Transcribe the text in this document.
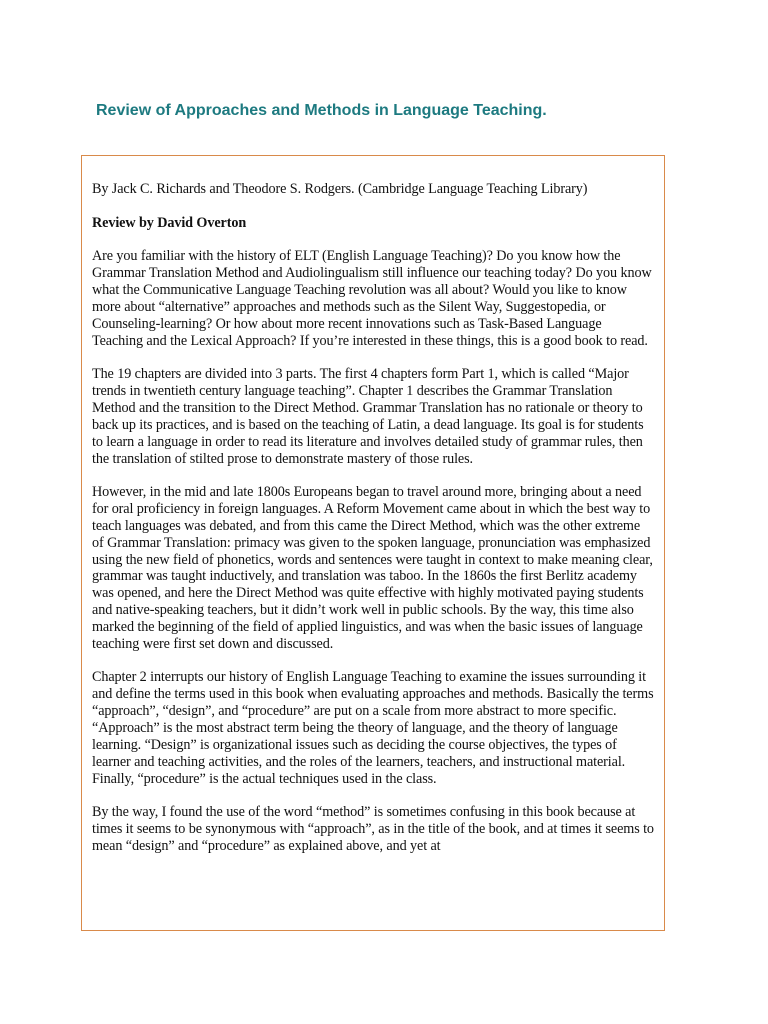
Review of Approaches and Methods in Language Teaching.

By Jack C. Richards and Theodore S. Rodgers. (Cambridge Language Teaching Library)

Review by David Overton

Are you familiar with the history of ELT (English Language Teaching)? Do you know how the Grammar Translation Method and Audiolingualism still influence our teaching today? Do you know what the Communicative Language Teaching revolution was all about? Would you like to know more about “alternative” approaches and methods such as the Silent Way, Suggestopedia, or Counseling-learning? Or how about more recent innovations such as Task-Based Language Teaching and the Lexical Approach? If you’re interested in these things, this is a good book to read.

The 19 chapters are divided into 3 parts. The first 4 chapters form Part 1, which is called “Major trends in twentieth century language teaching”. Chapter 1 describes the Grammar Translation Method and the transition to the Direct Method. Grammar Translation has no rationale or theory to back up its practices, and is based on the teaching of Latin, a dead language. Its goal is for students to learn a language in order to read its literature and involves detailed study of grammar rules, then the translation of stilted prose to demonstrate mastery of those rules.

However, in the mid and late 1800s Europeans began to travel around more, bringing about a need for oral proficiency in foreign languages. A Reform Movement came about in which the best way to teach languages was debated, and from this came the Direct Method, which was the other extreme of Grammar Translation: primacy was given to the spoken language, pronunciation was emphasized using the new field of phonetics, words and sentences were taught in context to make meaning clear, grammar was taught inductively, and translation was taboo. In the 1860s the first Berlitz academy was opened, and here the Direct Method was quite effective with highly motivated paying students and native-speaking teachers, but it didn’t work well in public schools. By the way, this time also marked the beginning of the field of applied linguistics, and was when the basic issues of language teaching were first set down and discussed.

Chapter 2 interrupts our history of English Language Teaching to examine the issues surrounding it and define the terms used in this book when evaluating approaches and methods. Basically the terms “approach”, “design”, and “procedure” are put on a scale from more abstract to more specific. “Approach” is the most abstract term being the theory of language, and the theory of language learning. “Design” is organizational issues such as deciding the course objectives, the types of learner and teaching activities, and the roles of the learners, teachers, and instructional material. Finally, “procedure” is the actual techniques used in the class.

By the way, I found the use of the word “method” is sometimes confusing in this book because at times it seems to be synonymous with “approach”, as in the title of the book, and at times it seems to mean “design” and “procedure” as explained above, and yet at
